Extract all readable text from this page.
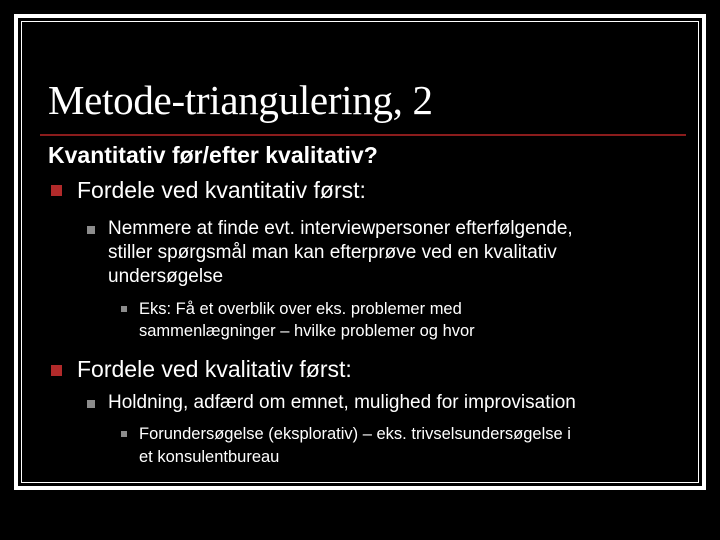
Metode-triangulering, 2

Kvantitativ før/efter kvalitativ?

Fordele ved kvantitativ først:

Nemmere at finde evt. interviewpersoner efterfølgende,

stiller spørgsmål man kan efterprøve ved en kvalitativ

undersøgelse

Eks: Få et overblik over eks. problemer med

sammenlægninger – hvilke problemer og hvor

Fordele ved kvalitativ først:

Holdning, adfærd om emnet, mulighed for improvisation

Forundersøgelse (eksplorativ) – eks. trivselsundersøgelse i

et konsulentbureau
